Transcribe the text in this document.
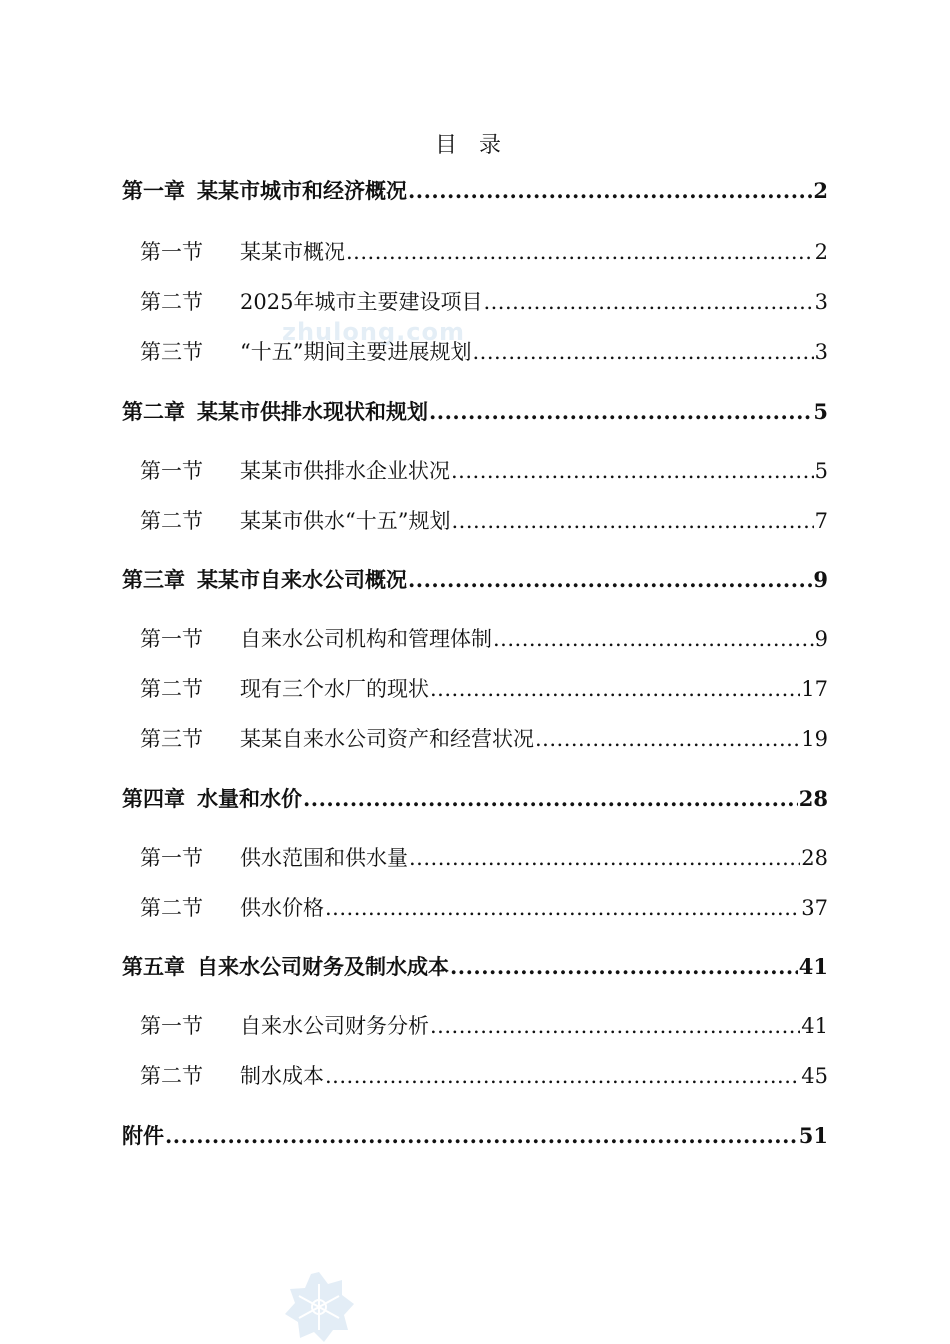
zhulong.com
目　录
第一章 某某市城市和经济概况 .....	2
第一节	某某市概况 .....	2
第二节	2025年城市主要建设项目 .....	3
第三节	“十五”期间主要进展规划 .....	3
第二章 某某市供排水现状和规划 .....	5
第一节	某某市供排水企业状况 .....	5
第二节	某某市供水“十五”规划 .....	7
第三章 某某市自来水公司概况 .....	9
第一节	自来水公司机构和管理体制 .....	9
第二节	现有三个水厂的现状 .....	17
第三节	某某自来水公司资产和经营状况 .....	19
第四章 水量和水价 .....	28
第一节	供水范围和供水量 .....	28
第二节	供水价格 .....	37
第五章 自来水公司财务及制水成本 .....	41
第一节	自来水公司财务分析 .....	41
第二节	制水成本 .....	45
附件 .....	51
